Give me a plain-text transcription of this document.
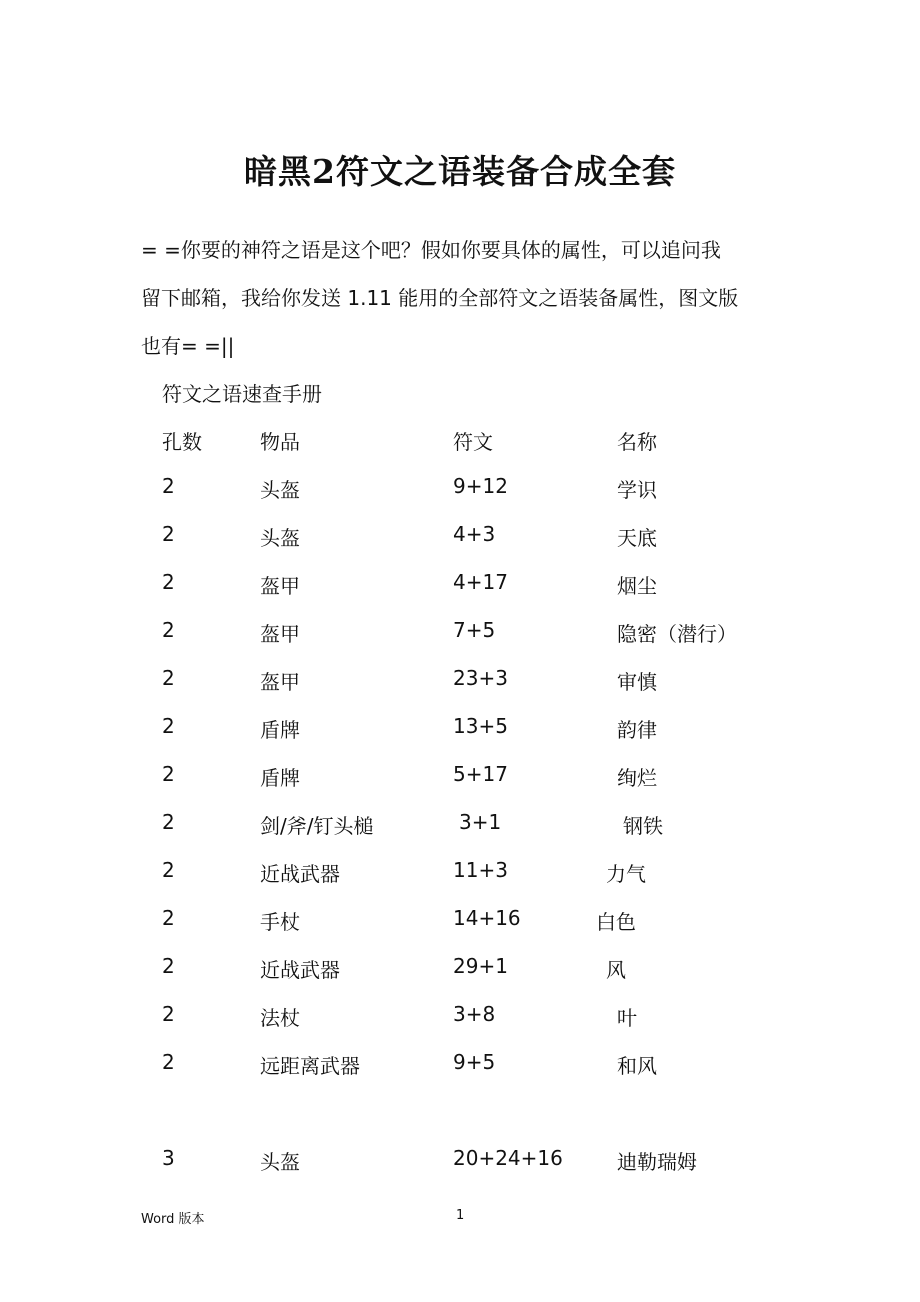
暗黑2符文之语装备合成全套
= =你要的神符之语是这个吧？假如你要具体的属性，可以追问我
留下邮箱，我给你发送 1.11 能用的全部符文之语装备属性，图文版
也有= =||
符文之语速查手册
孔数	物品	符文	名称
2	头盔	9+12	学识
2	头盔	4+3	天底
2	盔甲	4+17	烟尘
2	盔甲	7+5	隐密（潜行）
2	盔甲	23+3	审慎
2	盾牌	13+5	韵律
2	盾牌	5+17	绚烂
2	剑/斧/钉头槌	3+1	钢铁
2	近战武器	11+3	力气
2	手杖	14+16	白色
2	近战武器	29+1	风
2	法杖	3+8	叶
2	远距离武器	9+5	和风
3	头盔	20+24+16	迪勒瑞姆
Word 版本	1
